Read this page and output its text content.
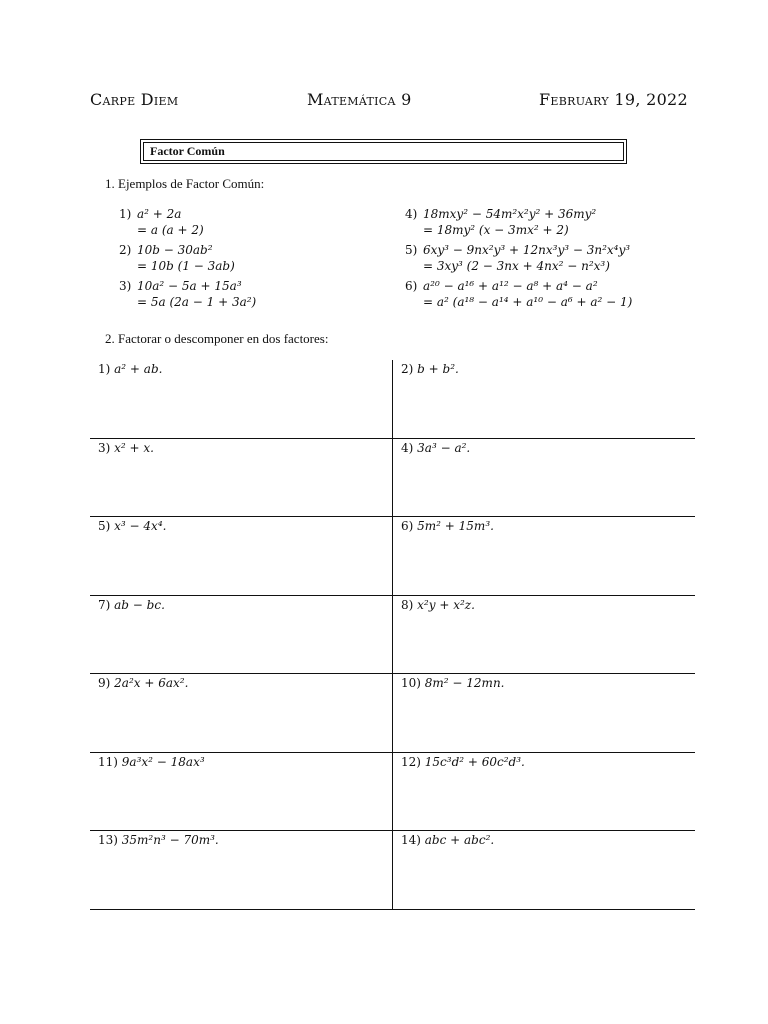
Carpe Diem	Matemática 9	February 19, 2022
Factor Común
1. Ejemplos de Factor Común:
1) a² + 2a
= a (a + 2)
2) 10b − 30ab²
= 10b (1 − 3ab)
3) 10a² − 5a + 15a³
= 5a (2a − 1 + 3a²)
4) 18mxy² − 54m²x²y² + 36my²
= 18my² (x − 3mx² + 2)
5) 6xy³ − 9nx²y³ + 12nx³y³ − 3n²x⁴y³
= 3xy³ (2 − 3nx + 4nx² − n²x³)
6) a²⁰ − a¹⁶ + a¹² − a⁸ + a⁴ − a²
= a² (a¹⁸ − a¹⁴ + a¹⁰ − a⁶ + a² − 1)
2. Factorar o descomponer en dos factores:
1) a² + ab.	2) b + b².
3) x² + x.	4) 3a³ − a².
5) x³ − 4x⁴.	6) 5m² + 15m³.
7) ab − bc.	8) x²y + x²z.
9) 2a²x + 6ax².	10) 8m² − 12mn.
11) 9a³x² − 18ax³	12) 15c³d² + 60c²d³.
13) 35m²n³ − 70m³.	14) abc + abc².
